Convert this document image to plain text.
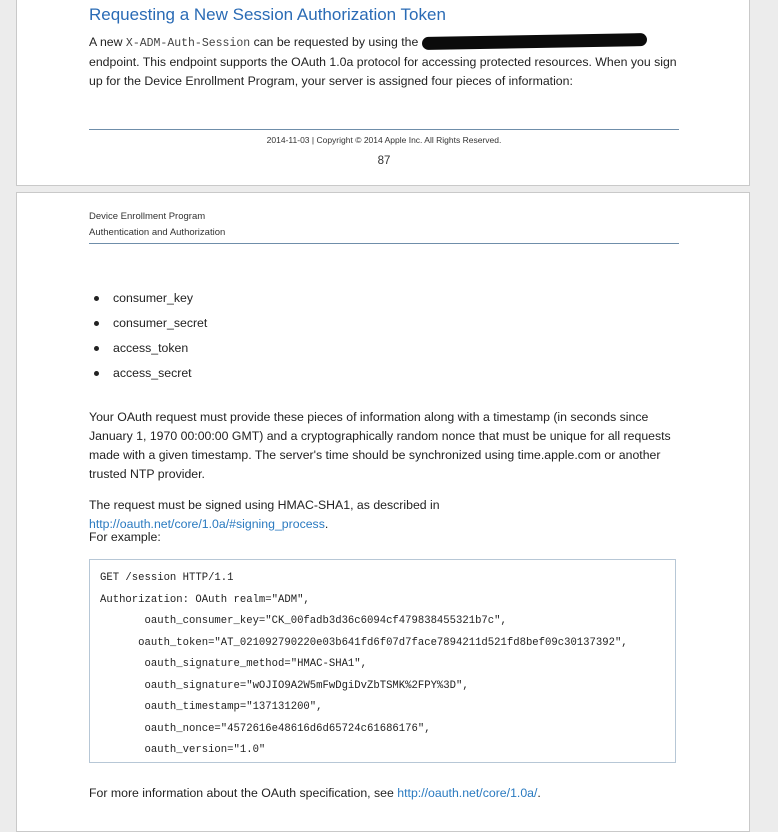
Requesting a New Session Authorization Token

A new X-ADM-Auth-Session can be requested by using the
endpoint. This endpoint supports the OAuth 1.0a protocol for accessing protected resources. When you sign up for the Device Enrollment Program, your server is assigned four pieces of information:

2014-11-03 | Copyright © 2014 Apple Inc. All Rights Reserved.

87

Device Enrollment Program

Authentication and Authorization

consumer_key
consumer_secret
access_token
access_secret

Your OAuth request must provide these pieces of information along with a timestamp (in seconds since January 1, 1970 00:00:00 GMT) and a cryptographically random nonce that must be unique for all requests made with a given timestamp. The server's time should be synchronized using time.apple.com or another trusted NTP provider.

The request must be signed using HMAC-SHA1, as described in http://oauth.net/core/1.0a/#signing_process.

For example:

GET /session HTTP/1.1
Authorization: OAuth realm="ADM",
oauth_consumer_key="CK_00fadb3d36c6094cf479838455321b7c",
oauth_token="AT_021092790220e03b641fd6f07d7face7894211d521fd8bef09c30137392",
oauth_signature_method="HMAC-SHA1",
oauth_signature="wOJIO9A2W5mFwDgiDvZbTSMK%2FPY%3D",
oauth_timestamp="137131200",
oauth_nonce="4572616e48616d6d65724c61686176",
oauth_version="1.0"

For more information about the OAuth specification, see http://oauth.net/core/1.0a/.
